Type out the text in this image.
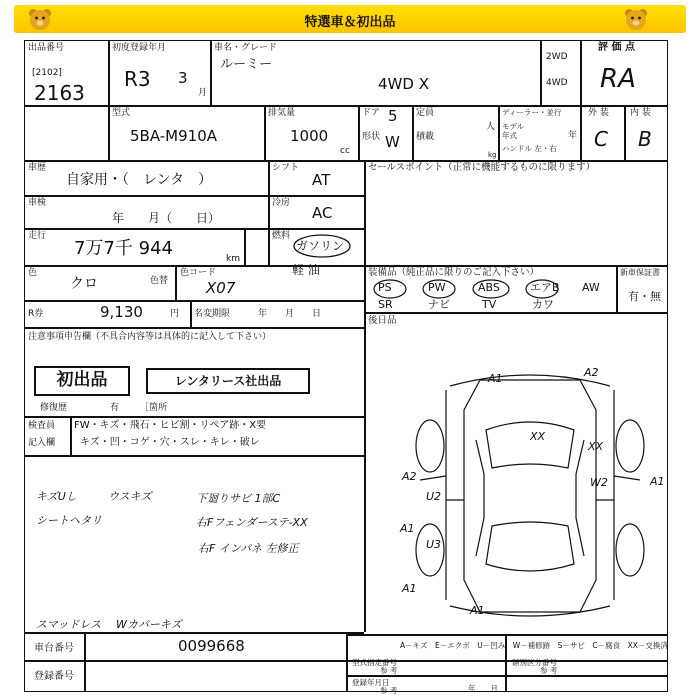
特選車＆初出品
出品番号
[2102]
2163
初度登録年月
R3 3
月
車名・グレード
ルーミー
4WD X
2WD
4WD
評 価 点
RA
型式
5BA-M910A
排気量
1000
cc
ドア 5
形状 W
定員
人
積載
kg
ディーラー・並行
モデル
年式	年
ハンドル 左・右
外 装 内 装
C B
車歴
自家用・（　レンタ　）
シフト
AT
セールスポイント（正常に機能するものに限ります）
車検
年　　月（　　日）
冷房
AC
走行
7万7千 944	km
燃料
ガソリン
軽 油
色
クロ	色替
色コード
X07
装備品（純正品に限りのご記入下さい）
PS	PW	ABS	エアB AW
SR	ナビ	TV	カワ
新車保証書
有・無
R券	9,130	円 名変期限	年　　月　　日
後日品
注意事項申告欄（不具合内容等は具体的に記入して下さい）
初出品	レンタリース社出品
修復歴	有 ［箇所
検査員
記入欄
FW・キズ・飛石・ヒビ割・リペア跡・X要
キズ・凹・コゲ・穴・スレ・キレ・破レ
キズUし	ウスキズ	下廻りサビ 1部C
シートヘタリ	右Fフェンダーステ-XX
右F インパネ 左修正
スマッドレス Wカバーキズ
A1	A2
XX
XX
A2
U2
A1
W2
A1
A1
U3
A1
車台番号	0099668
登録番号
A－キズ　E－エクボ　U－凹み　W－補修跡　S－サビ　C－腐食　XX－交換済
型式指定番号
参 考
類別区分番号
参 考
登録年月日
参 考	年　　月
